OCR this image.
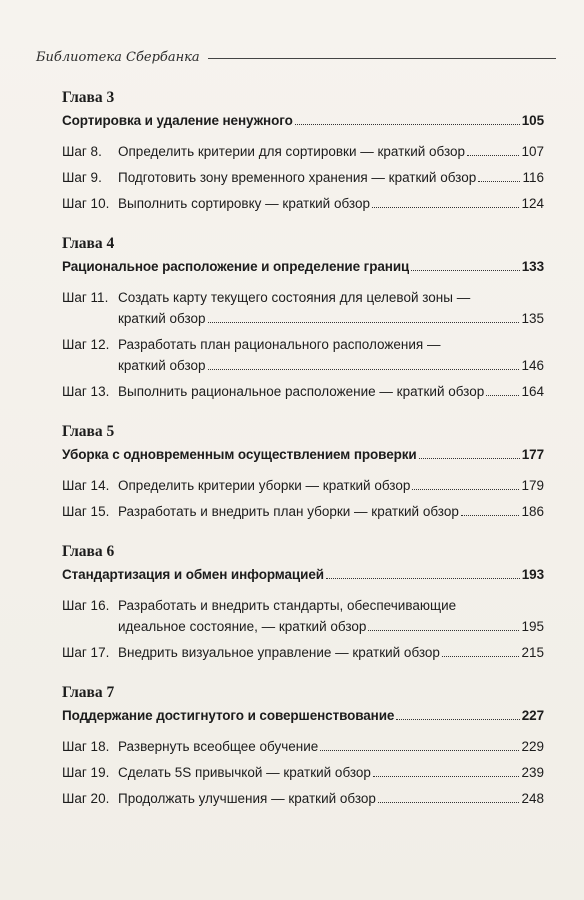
Библиотека Сбербанка
Глава 3
Сортировка и удаление ненужного	105
Шаг 8.	Определить критерии для сортировки — краткий обзор	107
Шаг 9.	Подготовить зону временного хранения — краткий обзор	116
Шаг 10. Выполнить сортировку — краткий обзор	124
Глава 4
Рациональное расположение и определение границ	133
Шаг 11. Создать карту текущего состояния для целевой зоны —
краткий обзор	135
Шаг 12. Разработать план рационального расположения —
краткий обзор	146
Шаг 13. Выполнить рациональное расположение — краткий обзор	164
Глава 5
Уборка с одновременным осуществлением проверки	177
Шаг 14. Определить критерии уборки — краткий обзор	179
Шаг 15. Разработать и внедрить план уборки — краткий обзор	186
Глава 6
Стандартизация и обмен информацией	193
Шаг 16. Разработать и внедрить стандарты, обеспечивающие
идеальное состояние, — краткий обзор	195
Шаг 17. Внедрить визуальное управление — краткий обзор	215
Глава 7
Поддержание достигнутого и совершенствование	227
Шаг 18. Развернуть всеобщее обучение	229
Шаг 19. Сделать 5S привычкой — краткий обзор	239
Шаг 20. Продолжать улучшения — краткий обзор	248
